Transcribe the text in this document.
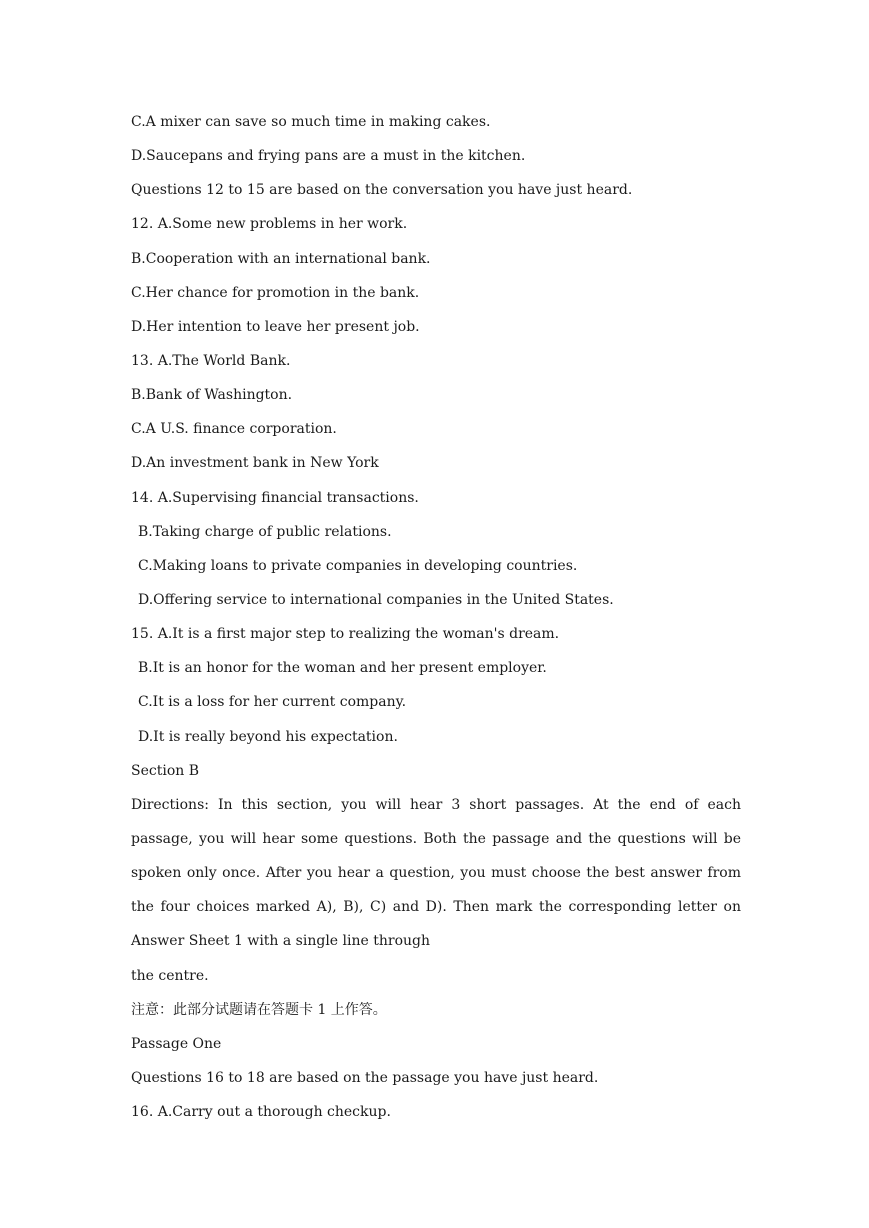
C.A mixer can save so much time in making cakes.
D.Saucepans and frying pans are a must in the kitchen.
Questions 12 to 15 are based on the conversation you have just heard.
12. A.Some new problems in her work.
B.Cooperation with an international bank.
C.Her chance for promotion in the bank.
D.Her intention to leave her present job.
13. A.The World Bank.
B.Bank of Washington.
C.A U.S. finance corporation.
D.An investment bank in New York
14. A.Supervising financial transactions.
B.Taking charge of public relations.
C.Making loans to private companies in developing countries.
D.Offering service to international companies in the United States.
15. A.It is a first major step to realizing the woman's dream.
B.It is an honor for the woman and her present employer.
C.It is a loss for her current company.
D.It is really beyond his expectation.
Section B
Directions: In this section, you will hear 3 short passages. At the end of each
passage, you will hear some questions. Both the passage and the questions will be
spoken only once. After you hear a question, you must choose the best answer from
the four choices marked A), B), C) and D). Then mark the corresponding letter on
Answer Sheet 1 with a single line through
the centre.
注意：此部分试题请在答题卡 1 上作答。
Passage One
Questions 16 to 18 are based on the passage you have just heard.
16. A.Carry out a thorough checkup.
